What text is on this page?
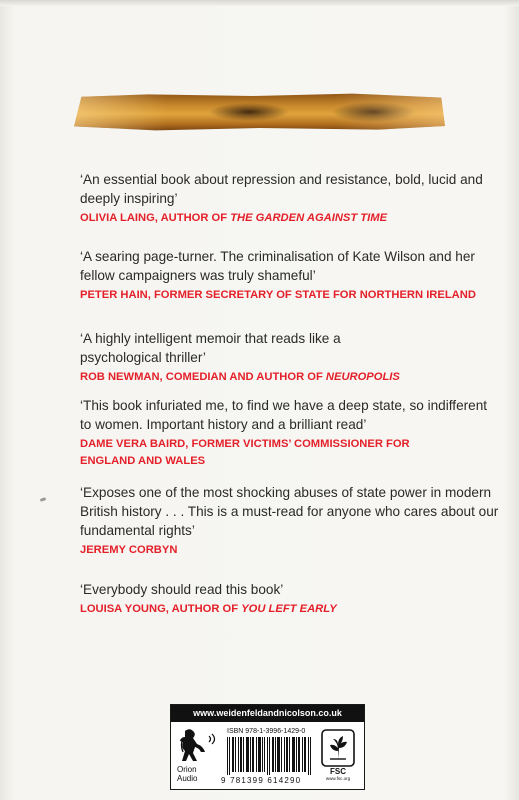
‘An essential book about repression and resistance, bold, lucid and deeply inspiring’
OLIVIA LAING, AUTHOR OF THE GARDEN AGAINST TIME
‘A searing page-turner. The criminalisation of Kate Wilson and her fellow campaigners was truly shameful’
PETER HAIN, FORMER SECRETARY OF STATE FOR NORTHERN IRELAND
‘A highly intelligent memoir that reads like a psychological thriller’
ROB NEWMAN, COMEDIAN AND AUTHOR OF NEUROPOLIS
‘This book infuriated me, to find we have a deep state, so indifferent to women. Important history and a brilliant read’
DAME VERA BAIRD, FORMER VICTIMS’ COMMISSIONER FOR ENGLAND AND WALES
‘Exposes one of the most shocking abuses of state power in modern British history . . . This is a must-read for anyone who cares about our fundamental rights’
JEREMY CORBYN
‘Everybody should read this book’
LOUISA YOUNG, AUTHOR OF YOU LEFT EARLY
www.weidenfeldandnicolson.co.uk
Orion
Audio
ISBN 978-1-3996-1429-0
9 781399 614290
FSC
www.fsc.org
